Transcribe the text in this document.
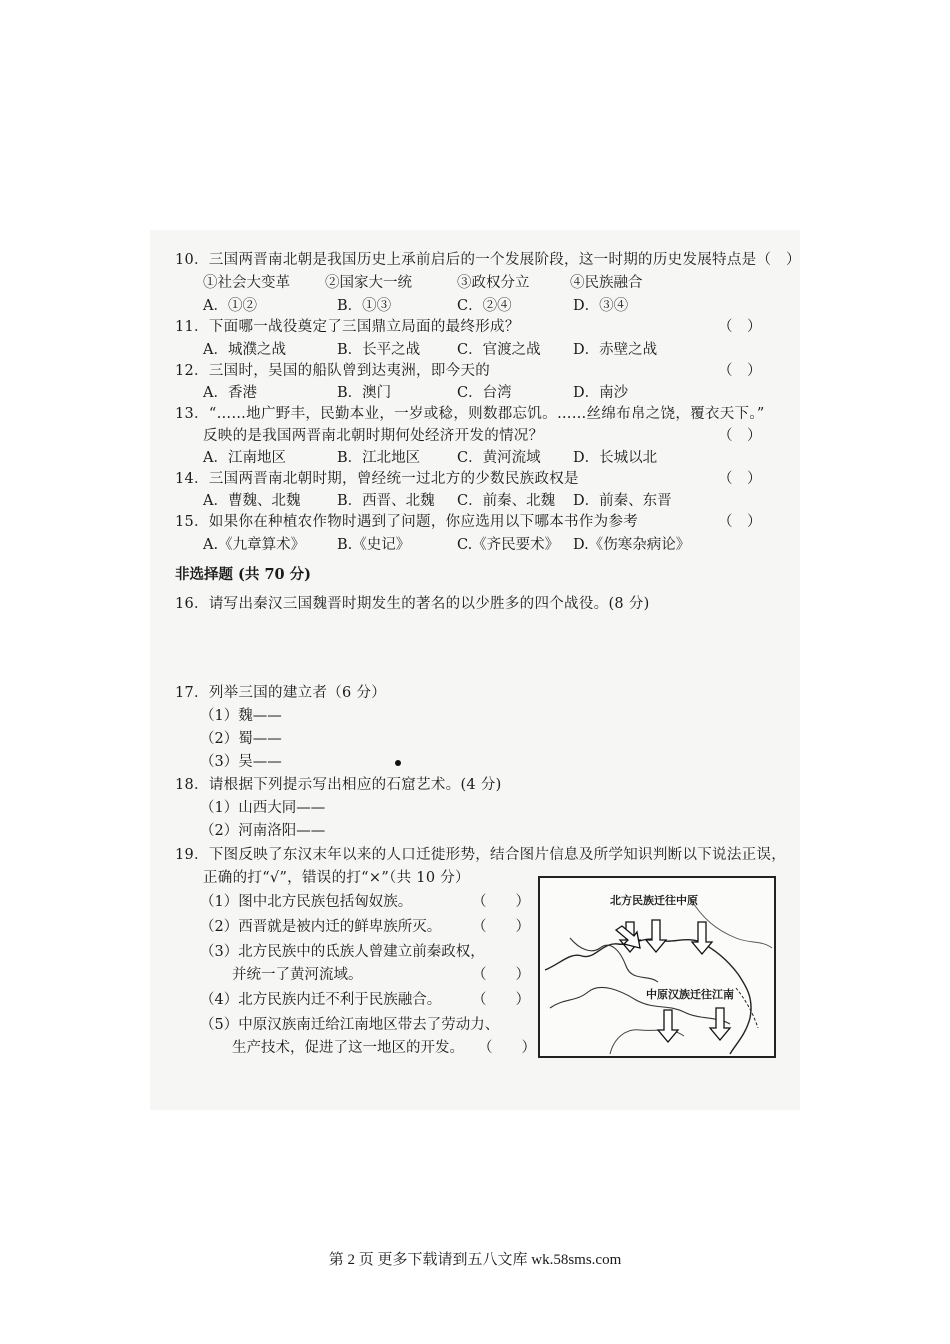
10．三国两晋南北朝是我国历史上承前启后的一个发展阶段，这一时期的历史发展特点是（　）
①社会大变革 ②国家大一统	③政权分立	④民族融合
A．①②	B．①③	C．②④	D．③④
11．下面哪一战役奠定了三国鼎立局面的最终形成？	（　）
A．城濮之战	B．长平之战	C．官渡之战 D．赤壁之战
12．三国时，吴国的船队曾到达夷洲，即今天的	（　）
A．香港	B．澳门	C．台湾	D．南沙
13．“……地广野丰，民勤本业，一岁或稔，则数郡忘饥。……丝绵布帛之饶，覆衣天下。”
反映的是我国两晋南北朝时期何处经济开发的情况？	（　）
A．江南地区	B．江北地区	C．黄河流域 D．长城以北
14．三国两晋南北朝时期，曾经统一过北方的少数民族政权是	（　）
A．曹魏、北魏	B．西晋、北魏 C．前秦、北魏 D．前秦、东晋
15．如果你在种植农作物时遇到了问题，你应选用以下哪本书作为参考	（　）
A.《九章算术》 B.《史记》	C.《齐民要术》 D.《伤寒杂病论》
非选择题 (共 70 分)
16．请写出秦汉三国魏晋时期发生的著名的以少胜多的四个战役。(8 分)
17．列举三国的建立者（6 分）
（1）魏——
（2）蜀——
（3）吴——
18．请根据下列提示写出相应的石窟艺术。(4 分)
（1）山西大同——
（2）河南洛阳——
19．下图反映了东汉末年以来的人口迁徙形势，结合图片信息及所学知识判断以下说法正误，
正确的打“√”，错误的打“×”（共 10 分）
（1）图中北方民族包括匈奴族。	（　　）
（2）西晋就是被内迁的鲜卑族所灭。 （　　）
（3）北方民族中的氐族人曾建立前秦政权，
并统一了黄河流域。	（　　）
（4）北方民族内迁不利于民族融合。 （　　）
（5）中原汉族南迁给江南地区带去了劳动力、
生产技术，促进了这一地区的开发。 （　　）
北方民族迁往中原
中原汉族迁往江南
第 2 页 更多下载请到五八文库 wk.58sms.com
